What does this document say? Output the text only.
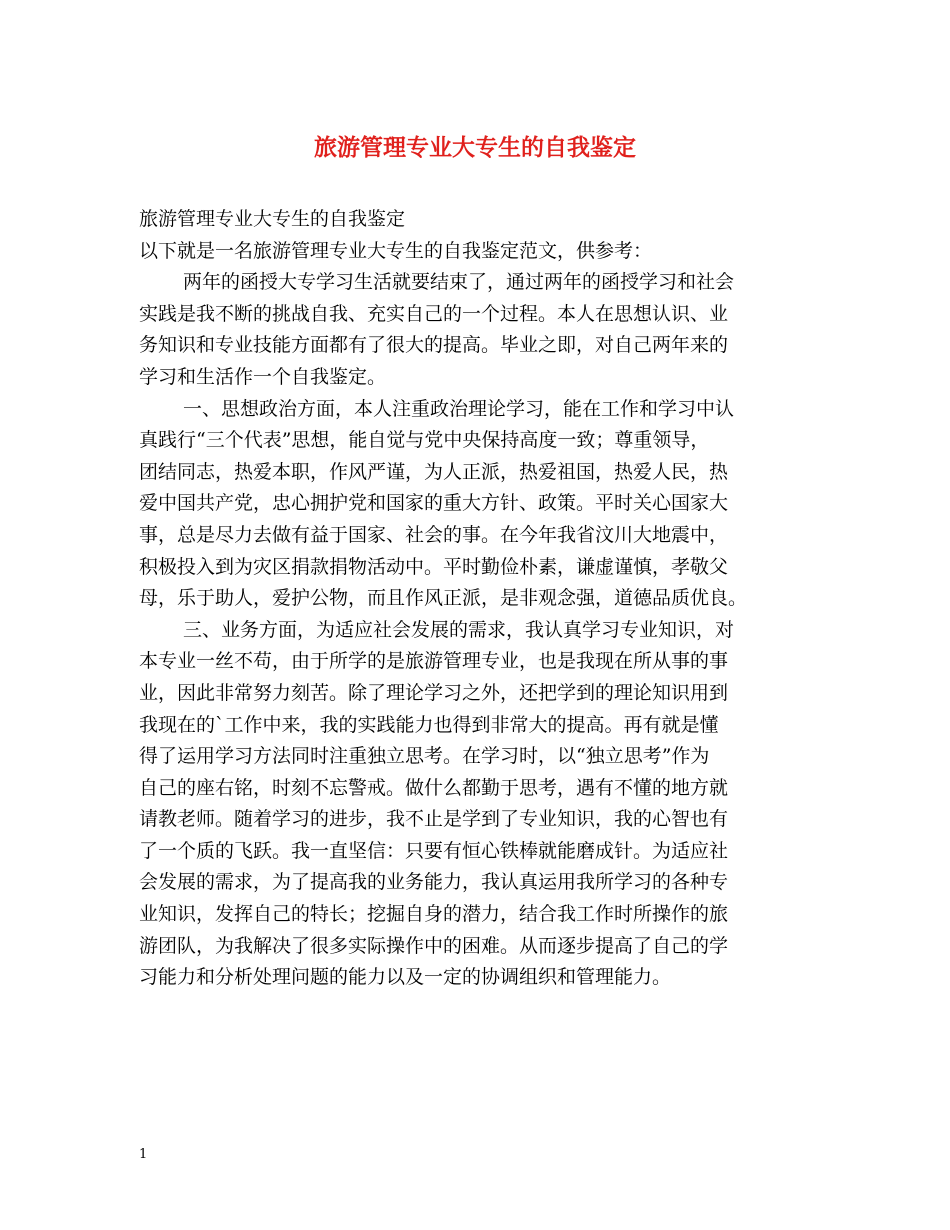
旅游管理专业大专生的自我鉴定
旅游管理专业大专生的自我鉴定
以下就是一名旅游管理专业大专生的自我鉴定范文，供参考：
两年的函授大专学习生活就要结束了，通过两年的函授学习和社会
实践是我不断的挑战自我、充实自己的一个过程。本人在思想认识、业
务知识和专业技能方面都有了很大的提高。毕业之即，对自己两年来的
学习和生活作一个自我鉴定。
一、思想政治方面，本人注重政治理论学习，能在工作和学习中认
真践行“三个代表”思想，能自觉与党中央保持高度一致；尊重领导，
团结同志，热爱本职，作风严谨，为人正派，热爱祖国，热爱人民，热
爱中国共产党，忠心拥护党和国家的重大方针、政策。平时关心国家大
事，总是尽力去做有益于国家、社会的事。在今年我省汶川大地震中，
积极投入到为灾区捐款捐物活动中。平时勤俭朴素，谦虚谨慎，孝敬父
母，乐于助人，爱护公物，而且作风正派，是非观念强，道德品质优良。
三、业务方面，为适应社会发展的需求，我认真学习专业知识，对
本专业一丝不苟，由于所学的是旅游管理专业，也是我现在所从事的事
业，因此非常努力刻苦。除了理论学习之外，还把学到的理论知识用到
我现在的`工作中来，我的实践能力也得到非常大的提高。再有就是懂
得了运用学习方法同时注重独立思考。在学习时，以“独立思考”作为
自己的座右铭，时刻不忘警戒。做什么都勤于思考，遇有不懂的地方就
请教老师。随着学习的进步，我不止是学到了专业知识，我的心智也有
了一个质的飞跃。我一直坚信：只要有恒心铁棒就能磨成针。为适应社
会发展的需求，为了提高我的业务能力，我认真运用我所学习的各种专
业知识，发挥自己的特长；挖掘自身的潜力，结合我工作时所操作的旅
游团队，为我解决了很多实际操作中的困难。从而逐步提高了自己的学
习能力和分析处理问题的能力以及一定的协调组织和管理能力。
1
